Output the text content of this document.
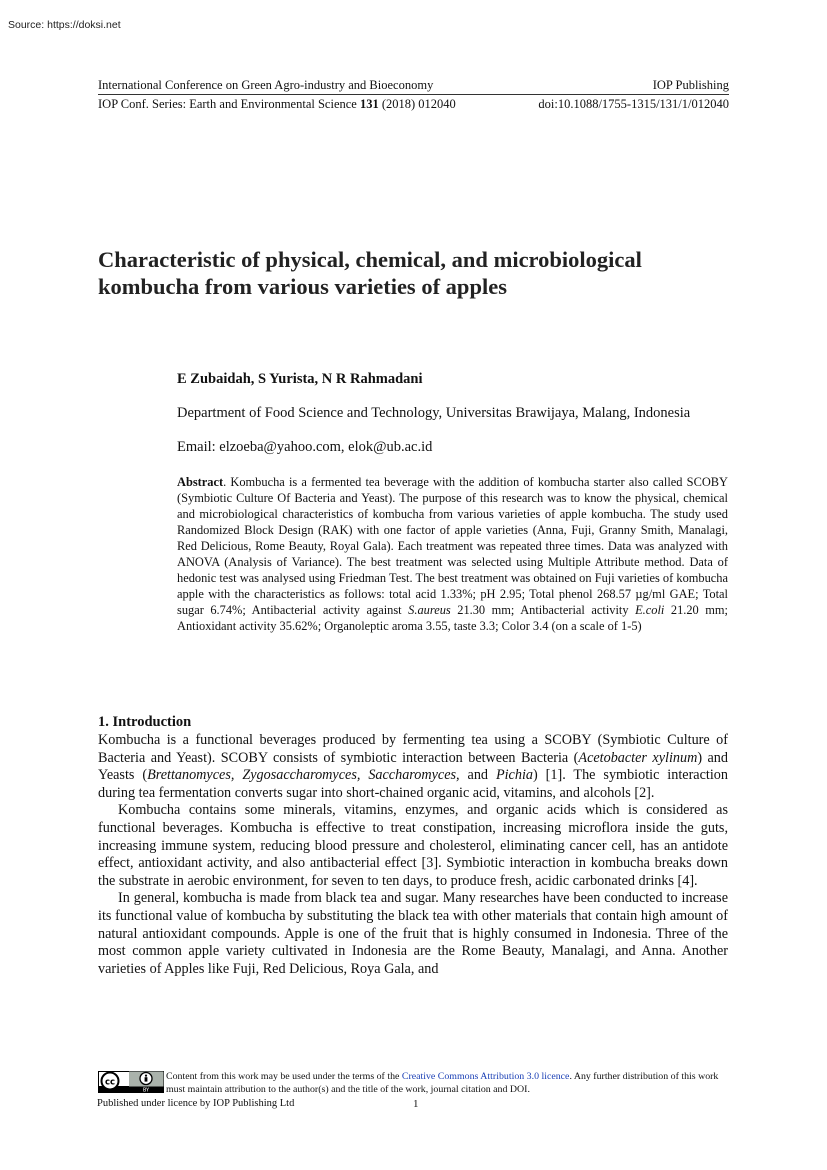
Source: https://doksi.net
International Conference on Green Agro-industry and Bioeconomy	IOP Publishing
IOP Conf. Series: Earth and Environmental Science 131 (2018) 012040	doi:10.1088/1755-1315/131/1/012040
Characteristic of physical, chemical, and microbiological kombucha from various varieties of apples
E Zubaidah, S Yurista, N R Rahmadani
Department of Food Science and Technology, Universitas Brawijaya, Malang, Indonesia
Email: elzoeba@yahoo.com, elok@ub.ac.id
Abstract. Kombucha is a fermented tea beverage with the addition of kombucha starter also called SCOBY (Symbiotic Culture Of Bacteria and Yeast). The purpose of this research was to know the physical, chemical and microbiological characteristics of kombucha from various varieties of apple kombucha. The study used Randomized Block Design (RAK) with one factor of apple varieties (Anna, Fuji, Granny Smith, Manalagi, Red Delicious, Rome Beauty, Royal Gala). Each treatment was repeated three times. Data was analyzed with ANOVA (Analysis of Variance). The best treatment was selected using Multiple Attribute method. Data of hedonic test was analysed using Friedman Test. The best treatment was obtained on Fuji varieties of kombucha apple with the characteristics as follows: total acid 1.33%; pH 2.95; Total phenol 268.57 µg/ml GAE; Total sugar 6.74%; Antibacterial activity against S.aureus 21.30 mm; Antibacterial activity E.coli 21.20 mm; Antioxidant activity 35.62%; Organoleptic aroma 3.55, taste 3.3; Color 3.4 (on a scale of 1-5)
1. Introduction

Kombucha is a functional beverages produced by fermenting tea using a SCOBY (Symbiotic Culture of Bacteria and Yeast). SCOBY consists of symbiotic interaction between Bacteria (Acetobacter xylinum) and Yeasts (Brettanomyces, Zygosaccharomyces, Saccharomyces, and Pichia) [1]. The symbiotic interaction during tea fermentation converts sugar into short-chained organic acid, vitamins, and alcohols [2].

Kombucha contains some minerals, vitamins, enzymes, and organic acids which is considered as functional beverages. Kombucha is effective to treat constipation, increasing microflora inside the guts, increasing immune system, reducing blood pressure and cholesterol, eliminating cancer cell, has an antidote effect, antioxidant activity, and also antibacterial effect [3]. Symbiotic interaction in kombucha breaks down the substrate in aerobic environment, for seven to ten days, to produce fresh, acidic carbonated drinks [4].

In general, kombucha is made from black tea and sugar. Many researches have been conducted to increase its functional value of kombucha by substituting the black tea with other materials that contain high amount of natural antioxidant compounds. Apple is one of the fruit that is highly consumed in Indonesia. Three of the most common apple variety cultivated in Indonesia are the Rome Beauty, Manalagi, and Anna. Another varieties of Apples like Fuji, Red Delicious, Roya Gala, and

cc
BY
Content from this work may be used under the terms of the Creative Commons Attribution 3.0 licence. Any further distribution of this work must maintain attribution to the author(s) and the title of the work, journal citation and DOI.
Published under licence by IOP Publishing Ltd	1
